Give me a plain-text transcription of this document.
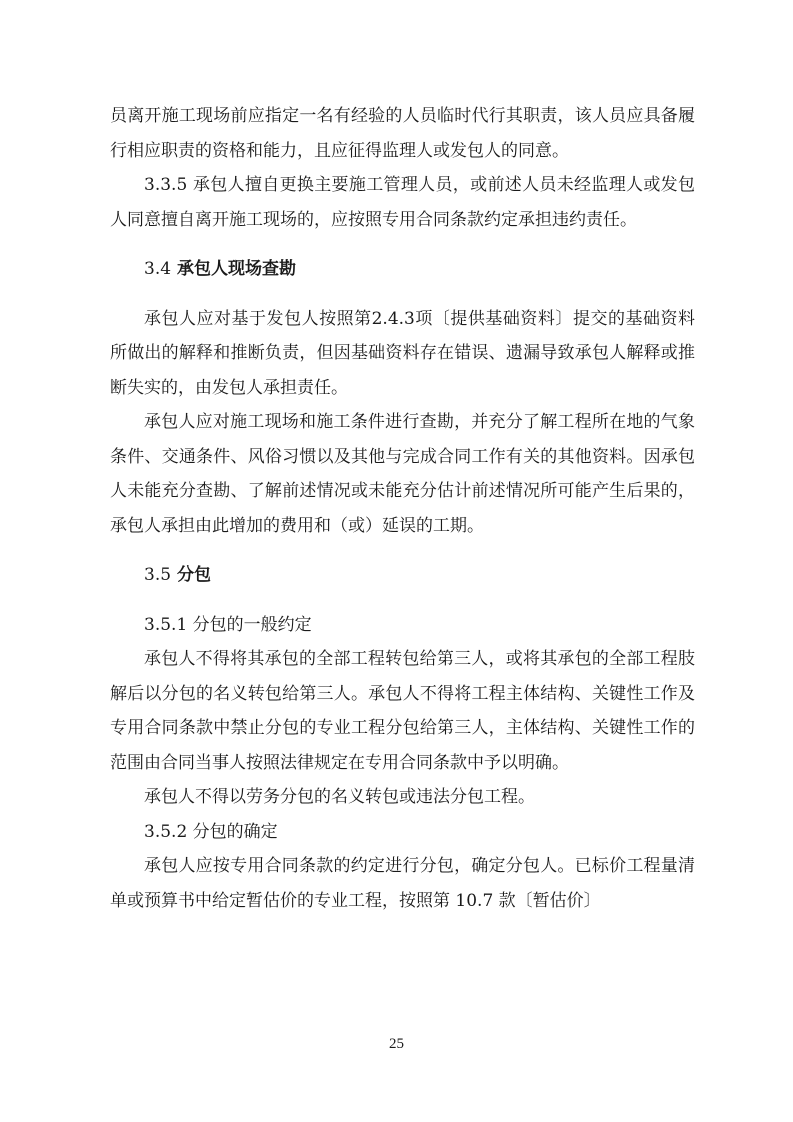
员离开施工现场前应指定一名有经验的人员临时代行其职责，该人员应具备履行相应职责的资格和能力，且应征得监理人或发包人的同意。

3.3.5 承包人擅自更换主要施工管理人员，或前述人员未经监理人或发包人同意擅自离开施工现场的，应按照专用合同条款约定承担违约责任。

3.4 承包人现场查勘

承包人应对基于发包人按照第2.4.3项〔提供基础资料〕提交的基础资料所做出的解释和推断负责，但因基础资料存在错误、遗漏导致承包人解释或推断失实的，由发包人承担责任。

承包人应对施工现场和施工条件进行查勘，并充分了解工程所在地的气象条件、交通条件、风俗习惯以及其他与完成合同工作有关的其他资料。因承包人未能充分查勘、了解前述情况或未能充分估计前述情况所可能产生后果的，承包人承担由此增加的费用和（或）延误的工期。

3.5 分包

3.5.1 分包的一般约定

承包人不得将其承包的全部工程转包给第三人，或将其承包的全部工程肢解后以分包的名义转包给第三人。承包人不得将工程主体结构、关键性工作及专用合同条款中禁止分包的专业工程分包给第三人，主体结构、关键性工作的范围由合同当事人按照法律规定在专用合同条款中予以明确。

承包人不得以劳务分包的名义转包或违法分包工程。

3.5.2 分包的确定

承包人应按专用合同条款的约定进行分包，确定分包人。已标价工程量清单或预算书中给定暂估价的专业工程，按照第 10.7 款〔暂估价〕

25
